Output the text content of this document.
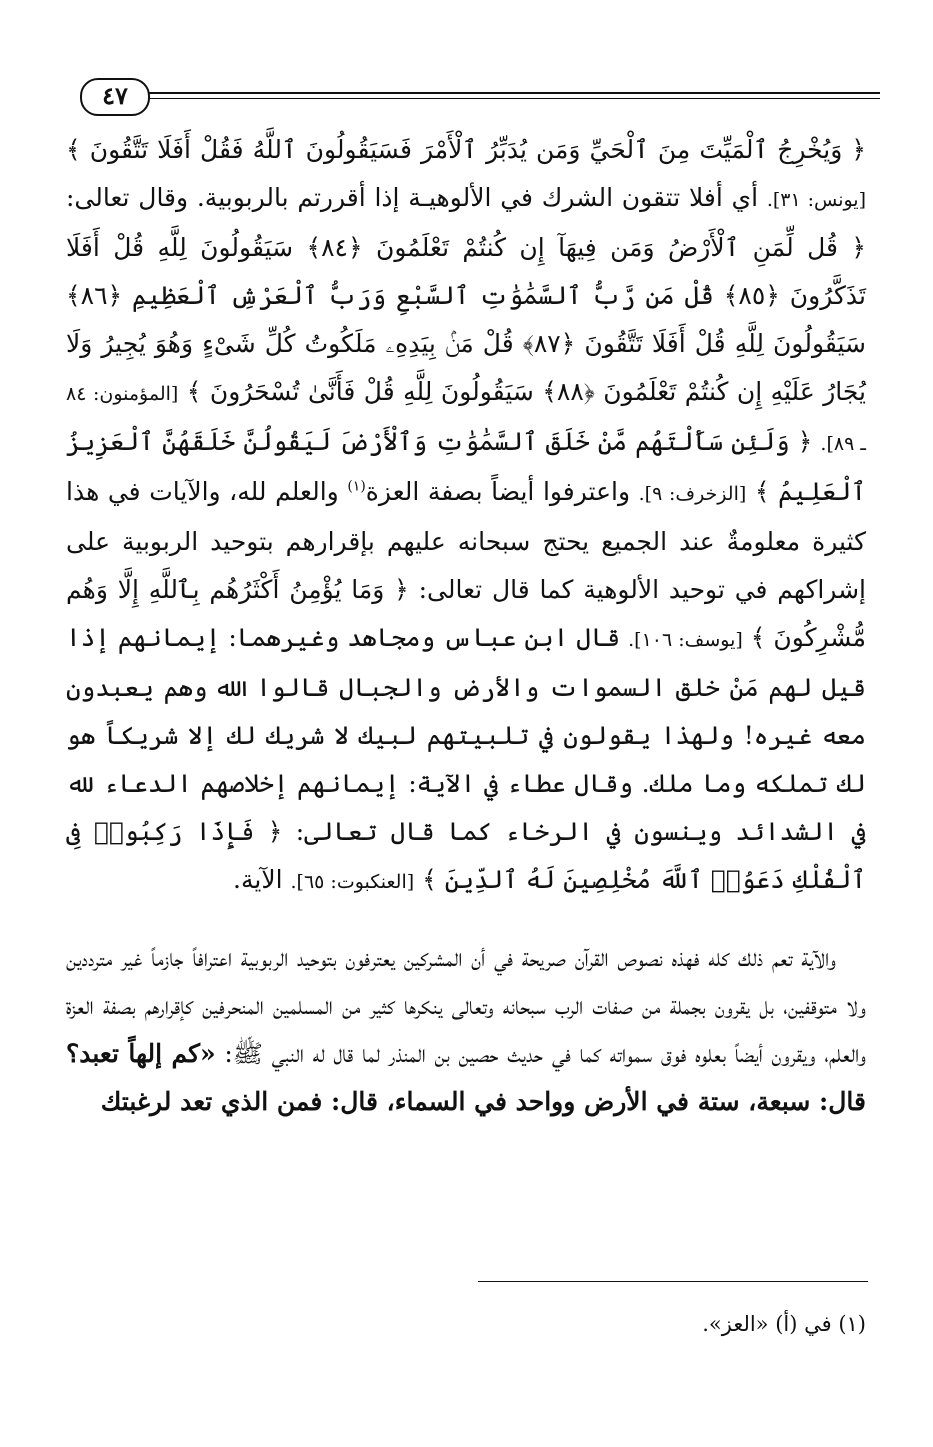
٤٧

﴿ وَيُخْرِجُ ٱلْمَيِّتَ مِنَ ٱلْحَيِّ وَمَن يُدَبِّرُ ٱلْأَمْرَ فَسَيَقُولُونَ ٱللَّهُ فَقُلْ أَفَلَا تَتَّقُونَ ﴾ [يونس: ٣١]. أي أفلا تتقون الشرك في الألوهيـة إذا أقررتم بالربوبية. وقال تعالى: ﴿ قُل لِّمَنِ ٱلْأَرْضُ وَمَن فِيهَآ إِن كُنتُمْ تَعْلَمُونَ ﴿٨٤﴾ سَيَقُولُونَ لِلَّهِ قُلْ أَفَلَا تَذَكَّرُونَ ﴿٨٥﴾ قُلْ مَن رَّبُّ ٱلسَّمَٰوَٰتِ ٱلسَّبْعِ وَرَبُّ ٱلْعَرْشِ ٱلْعَظِيمِ ﴿٨٦﴾ سَيَقُولُونَ لِلَّهِ قُلْ أَفَلَا تَتَّقُونَ ﴿٨٧﴾ قُلْ مَنۢ بِيَدِهِۦ مَلَكُوتُ كُلِّ شَىْءٍ وَهُوَ يُجِيرُ وَلَا يُجَارُ عَلَيْهِ إِن كُنتُمْ تَعْلَمُونَ ﴿٨٨﴾ سَيَقُولُونَ لِلَّهِ قُلْ فَأَنَّىٰ تُسْحَرُونَ ﴾ [المؤمنون: ٨٤ ـ ٨٩]. ﴿ وَلَئِن سَأَلْتَهُم مَّنْ خَلَقَ ٱلسَّمَٰوَٰتِ وَٱلْأَرْضَ لَيَقُولُنَّ خَلَقَهُنَّ ٱلْعَزِيزُ ٱلْعَلِيمُ ﴾ [الزخرف: ٩]. واعترفوا أيضاً بصفة العزة$^{(١)}$ والعلم لله، والآيات في هذا كثيرة معلومةٌ عند الجميع يحتج سبحانه عليهم بإقرارهم بتوحيد الربوبية على إشراكهم في توحيد الألوهية كما قال تعالى: ﴿ وَمَا يُؤْمِنُ أَكْثَرُهُم بِٱللَّهِ إِلَّا وَهُم مُّشْرِكُونَ ﴾ [يوسف: ١٠٦]. قال ابن عباس ومجاهد وغيرهما: إيمانهم إذا قيل لهم مَنْ خلق السموات والأرض والجبال قالوا الله وهم يعبدون معه غيره! ولهذا يقولون في تلبيتهم لبيك لا شريك لك إلا شريكاً هو لك تملكه وما ملك. وقال عطاء في الآية: إيمانهم إخلاصهم الدعاء لله في الشدائد وينسون في الرخاء كما قال تعالى: ﴿ فَإِذَا رَكِبُوا۟ فِى ٱلْفُلْكِ دَعَوُا۟ ٱللَّهَ مُخْلِصِينَ لَهُ ٱلدِّينَ ﴾ [العنكبوت: ٦٥]. الآية.

والآية تعم ذلك كله فهذه نصوص القرآن صريحة في أن المشركين يعترفون بتوحيد الربوبية اعترافاً جازماً غير مترددين ولا متوقفين، بل يقرون بجملة من صفات الرب سبحانه وتعالى ينكرها كثير من المسلمين المنحرفين كإقرارهم بصفة العزة والعلم، ويقرون أيضاً بعلوه فوق سمواته كما في حديث حصين بن المنذر لما قال له النبي ﷺ: «كم إلهاً تعبد؟ قال: سبعة، ستة في الأرض وواحد في السماء، قال: فمن الذي تعد لرغبتك

(١) في (أ) «العز».
